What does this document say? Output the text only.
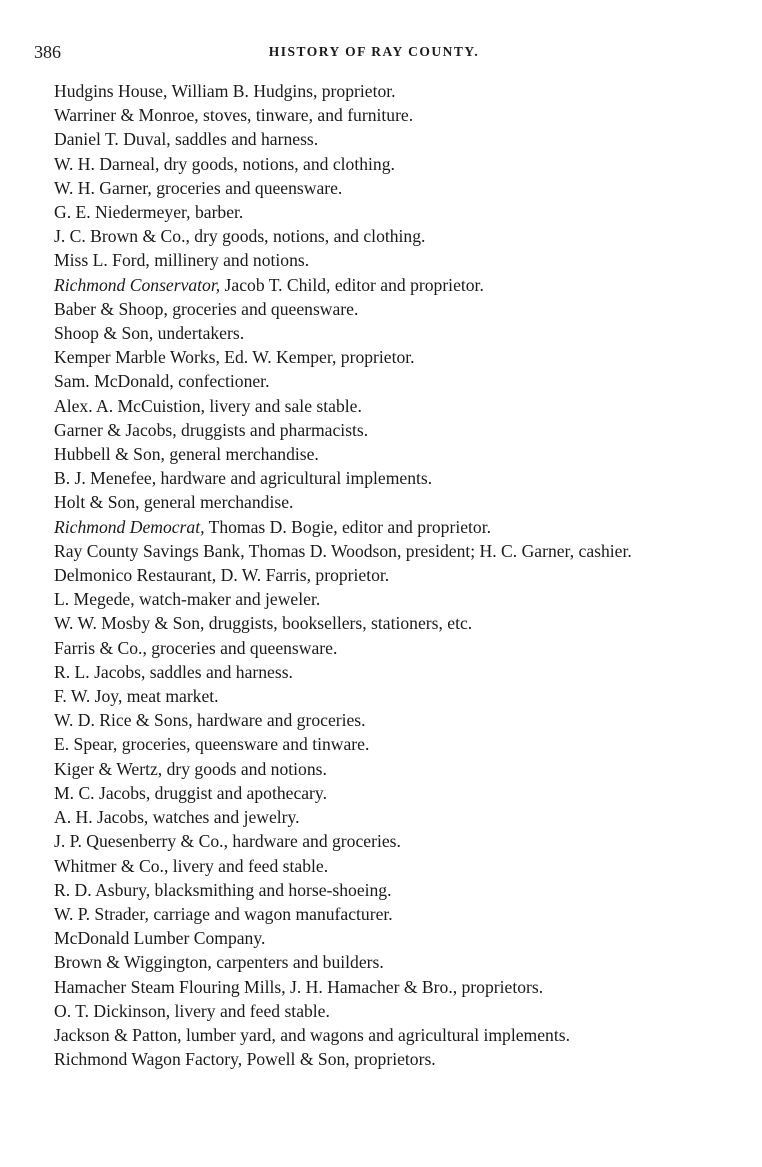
386	HISTORY OF RAY COUNTY.
Hudgins House, William B. Hudgins, proprietor.
Warriner & Monroe, stoves, tinware, and furniture.
Daniel T. Duval, saddles and harness.
W. H. Darneal, dry goods, notions, and clothing.
W. H. Garner, groceries and queensware.
G. E. Niedermeyer, barber.
J. C. Brown & Co., dry goods, notions, and clothing.
Miss L. Ford, millinery and notions.
Richmond Conservator, Jacob T. Child, editor and proprietor.
Baber & Shoop, groceries and queensware.
Shoop & Son, undertakers.
Kemper Marble Works, Ed. W. Kemper, proprietor.
Sam. McDonald, confectioner.
Alex. A. McCuistion, livery and sale stable.
Garner & Jacobs, druggists and pharmacists.
Hubbell & Son, general merchandise.
B. J. Menefee, hardware and agricultural implements.
Holt & Son, general merchandise.
Richmond Democrat, Thomas D. Bogie, editor and proprietor.
Ray County Savings Bank, Thomas D. Woodson, president; H. C. Garner, cashier.
Delmonico Restaurant, D. W. Farris, proprietor.
L. Megede, watch-maker and jeweler.
W. W. Mosby & Son, druggists, booksellers, stationers, etc.
Farris & Co., groceries and queensware.
R. L. Jacobs, saddles and harness.
F. W. Joy, meat market.
W. D. Rice & Sons, hardware and groceries.
E. Spear, groceries, queensware and tinware.
Kiger & Wertz, dry goods and notions.
M. C. Jacobs, druggist and apothecary.
A. H. Jacobs, watches and jewelry.
J. P. Quesenberry & Co., hardware and groceries.
Whitmer & Co., livery and feed stable.
R. D. Asbury, blacksmithing and horse-shoeing.
W. P. Strader, carriage and wagon manufacturer.
McDonald Lumber Company.
Brown & Wiggington, carpenters and builders.
Hamacher Steam Flouring Mills, J. H. Hamacher & Bro., proprietors.
O. T. Dickinson, livery and feed stable.
Jackson & Patton, lumber yard, and wagons and agricultural implements.
Richmond Wagon Factory, Powell & Son, proprietors.
